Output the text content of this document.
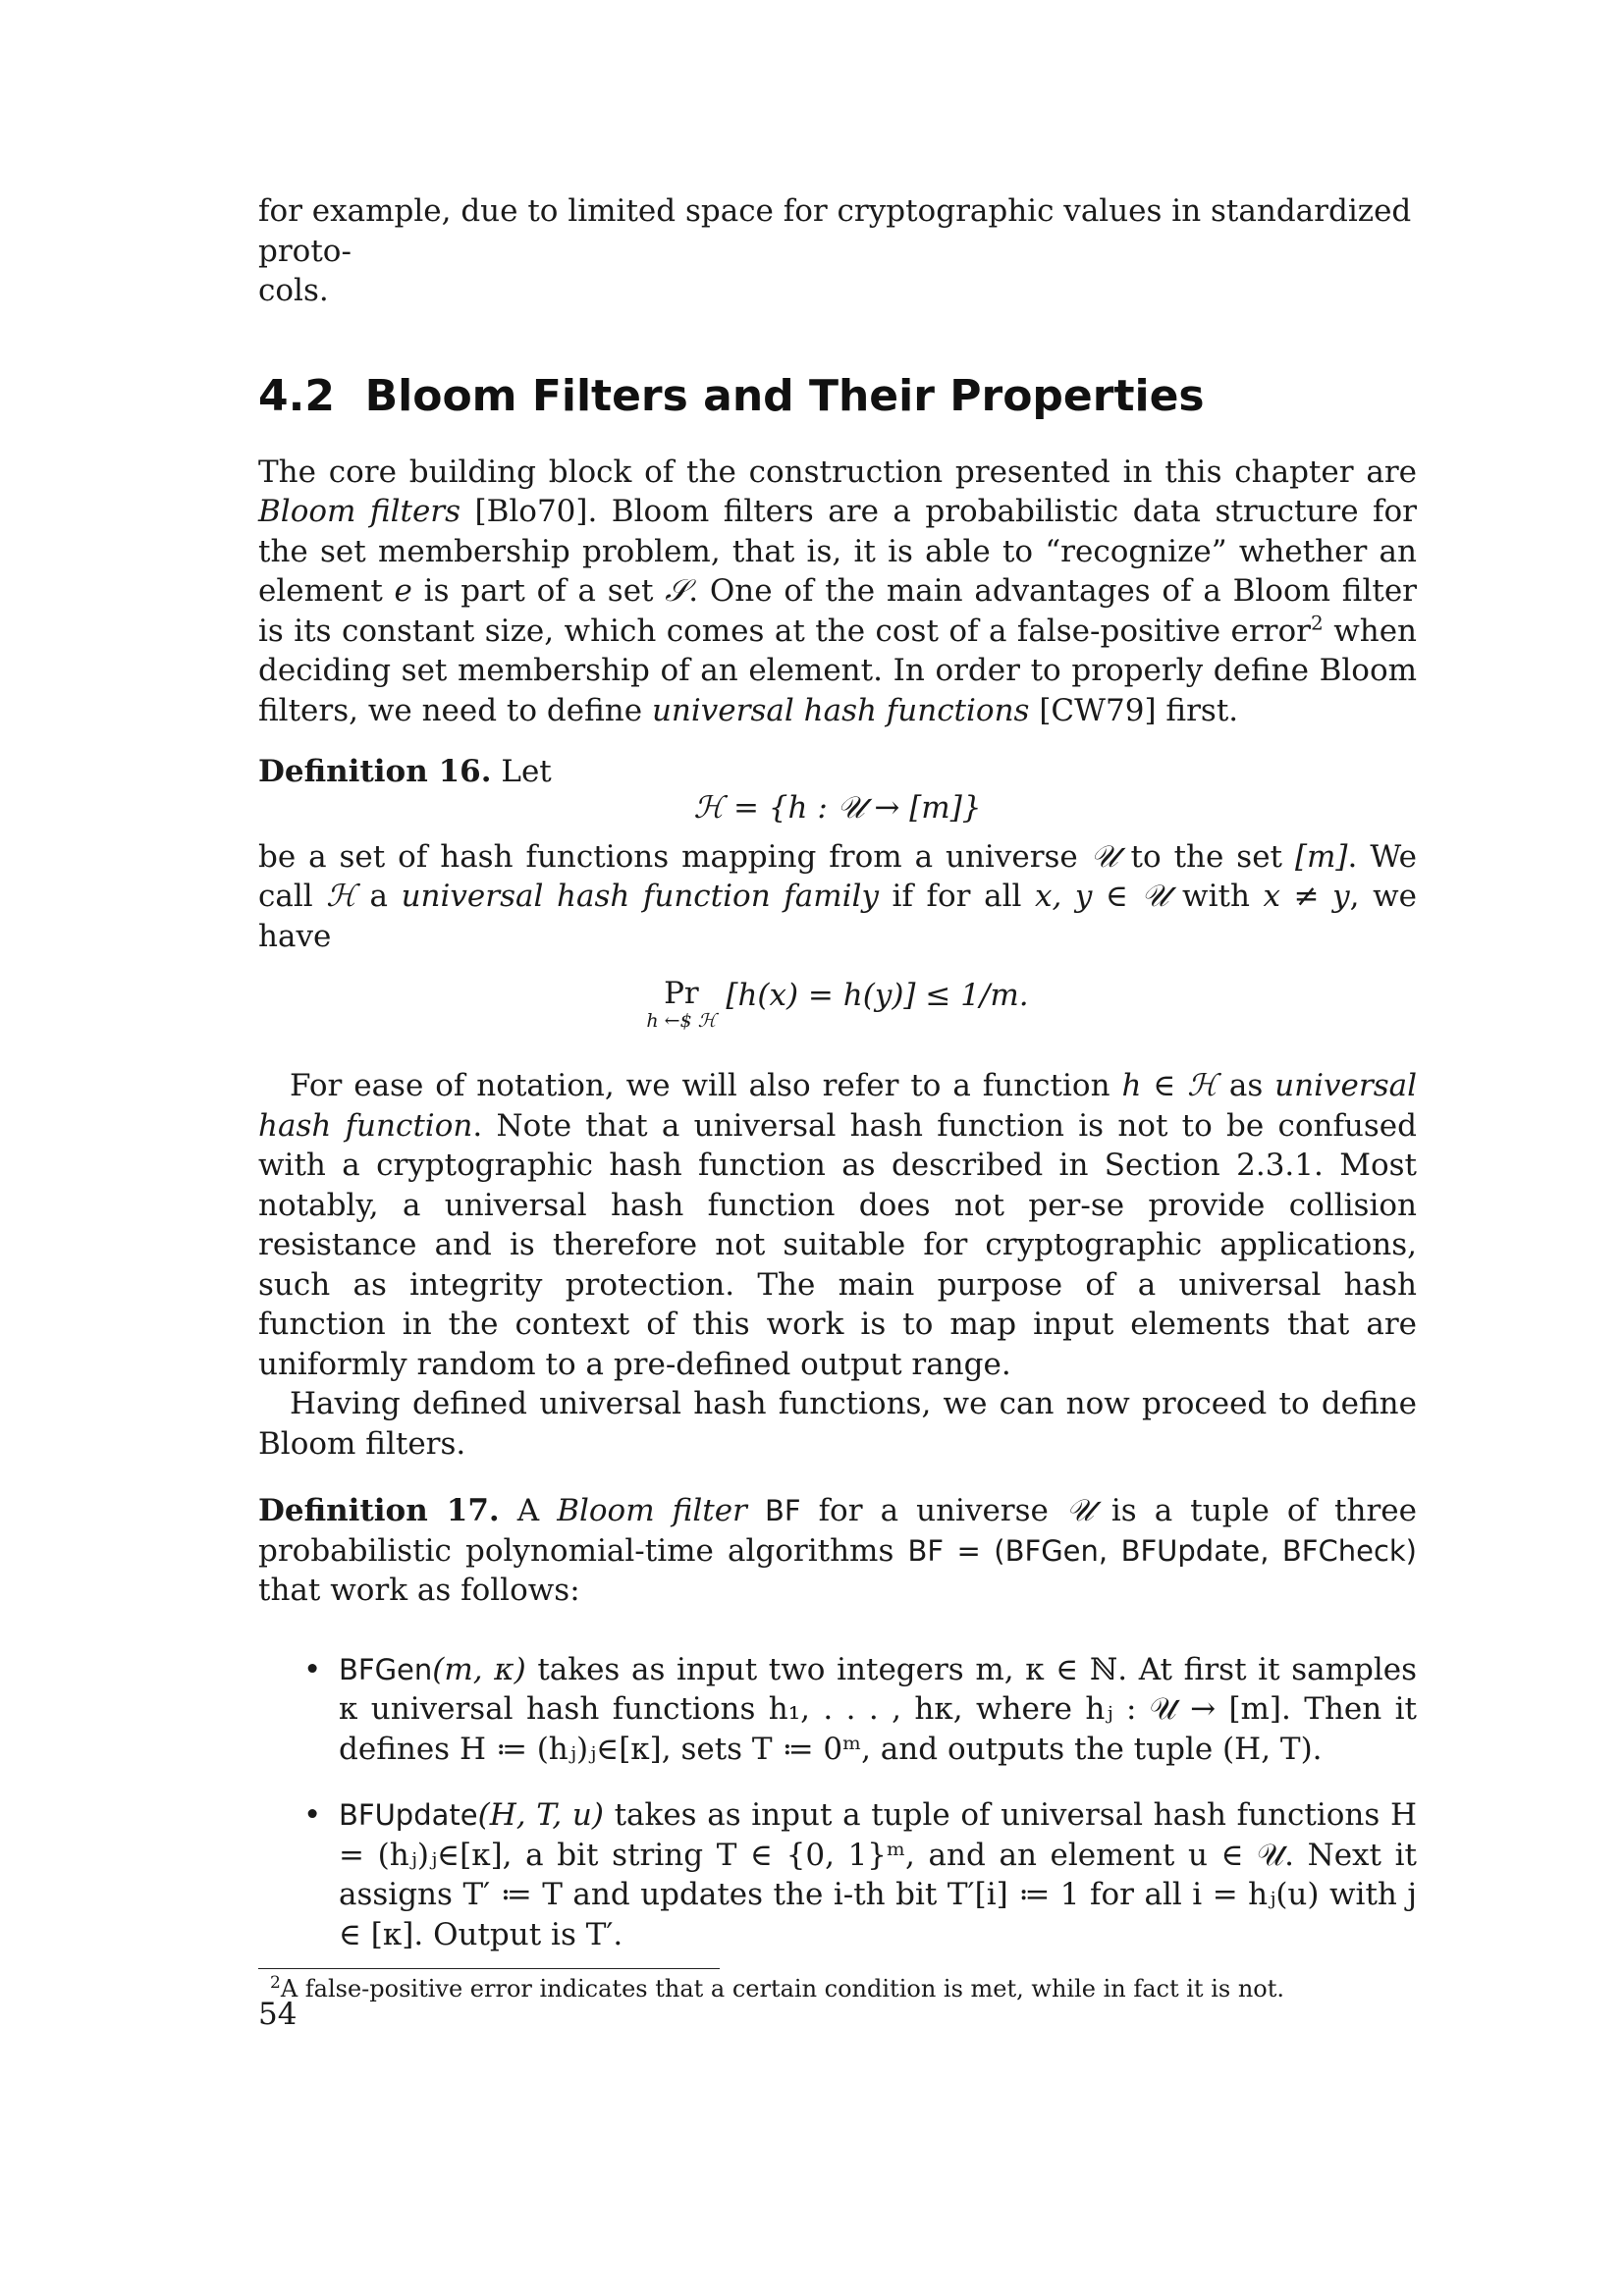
for example, due to limited space for cryptographic values in standardized proto-
cols.

4.2 Bloom Filters and Their Properties

The core building block of the construction presented in this chapter are Bloom filters [Blo70]. Bloom filters are a probabilistic data structure for the set membership problem, that is, it is able to “recognize” whether an element e is part of a set 𝒮. One of the main advantages of a Bloom filter is its constant size, which comes at the cost of a false-positive error$^2$ when deciding set membership of an element. In order to properly define Bloom filters, we need to define universal hash functions [CW79] first.

Definition 16. Let

ℋ = {h : 𝒰 → [m]}

be a set of hash functions mapping from a universe 𝒰 to the set [m]. We call ℋ a universal hash function family if for all x, y ∈ 𝒰 with x ≠ y, we have

Pr
h ←$ ℋ
[h(x) = h(y)] ≤ 1/m.

For ease of notation, we will also refer to a function h ∈ ℋ as universal hash function. Note that a universal hash function is not to be confused with a cryptographic hash function as described in Section 2.3.1. Most notably, a universal hash function does not per-se provide collision resistance and is therefore not suitable for cryptographic applications, such as integrity protection. The main purpose of a universal hash function in the context of this work is to map input elements that are uniformly random to a pre-defined output range.

Having defined universal hash functions, we can now proceed to define Bloom filters.

Definition 17. A Bloom filter BF for a universe 𝒰 is a tuple of three probabilistic polynomial-time algorithms BF = (BFGen, BFUpdate, BFCheck) that work as follows:

• BFGen(m, κ) takes as input two integers m, κ ∈ ℕ. At first it samples κ universal hash functions h₁, . . . , hκ, where hⱼ : 𝒰 → [m]. Then it defines H ≔ (hⱼ)ⱼ∈[κ], sets T ≔ 0ᵐ, and outputs the tuple (H, T).
• BFUpdate(H, T, u) takes as input a tuple of universal hash functions H = (hⱼ)ⱼ∈[κ], a bit string T ∈ {0, 1}ᵐ, and an element u ∈ 𝒰. Next it assigns T′ ≔ T and updates the i-th bit T′[i] ≔ 1 for all i = hⱼ(u) with j ∈ [κ]. Output is T′.

$^2$A false-positive error indicates that a certain condition is met, while in fact it is not.

54
